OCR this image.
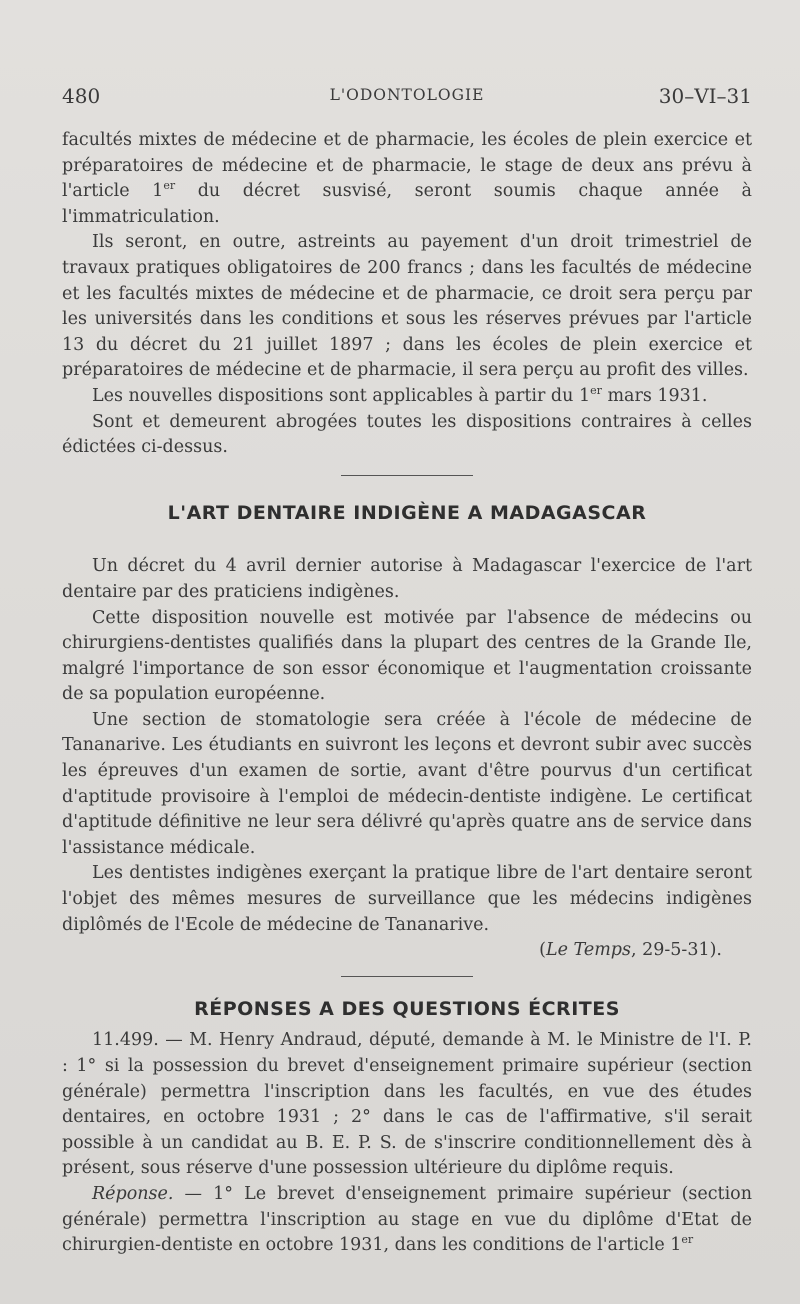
480	L'ODONTOLOGIE	30–VI–31

facultés mixtes de médecine et de pharmacie, les écoles de plein exercice et préparatoires de médecine et de pharmacie, le stage de deux ans prévu à l'article 1er du décret susvisé, seront soumis chaque année à l'immatriculation.

Ils seront, en outre, astreints au payement d'un droit trimestriel de travaux pratiques obligatoires de 200 francs ; dans les facultés de médecine et les facultés mixtes de médecine et de pharmacie, ce droit sera perçu par les universités dans les conditions et sous les réserves prévues par l'article 13 du décret du 21 juillet 1897 ; dans les écoles de plein exercice et préparatoires de médecine et de pharmacie, il sera perçu au profit des villes.

Les nouvelles dispositions sont applicables à partir du 1er mars 1931.

Sont et demeurent abrogées toutes les dispositions contraires à celles édictées ci-dessus.

L'ART DENTAIRE INDIGÈNE A MADAGASCAR

Un décret du 4 avril dernier autorise à Madagascar l'exercice de l'art dentaire par des praticiens indigènes.

Cette disposition nouvelle est motivée par l'absence de médecins ou chirurgiens-dentistes qualifiés dans la plupart des centres de la Grande Ile, malgré l'importance de son essor économique et l'augmentation croissante de sa population européenne.

Une section de stomatologie sera créée à l'école de médecine de Tananarive. Les étudiants en suivront les leçons et devront subir avec succès les épreuves d'un examen de sortie, avant d'être pourvus d'un certificat d'aptitude provisoire à l'emploi de médecin-dentiste indigène. Le certificat d'aptitude définitive ne leur sera délivré qu'après quatre ans de service dans l'assistance médicale.

Les dentistes indigènes exerçant la pratique libre de l'art dentaire seront l'objet des mêmes mesures de surveillance que les médecins indigènes diplômés de l'Ecole de médecine de Tananarive.

(Le Temps, 29-5-31).

RÉPONSES A DES QUESTIONS ÉCRITES

11.499. — M. Henry Andraud, député, demande à M. le Ministre de l'I. P. : 1° si la possession du brevet d'enseignement primaire supérieur (section générale) permettra l'inscription dans les facultés, en vue des études dentaires, en octobre 1931 ; 2° dans le cas de l'affirmative, s'il serait possible à un candidat au B. E. P. S. de s'inscrire conditionnellement dès à présent, sous réserve d'une possession ultérieure du diplôme requis.

Réponse. — 1° Le brevet d'enseignement primaire supérieur (section générale) permettra l'inscription au stage en vue du diplôme d'Etat de chirurgien-dentiste en octobre 1931, dans les conditions de l'article 1er
